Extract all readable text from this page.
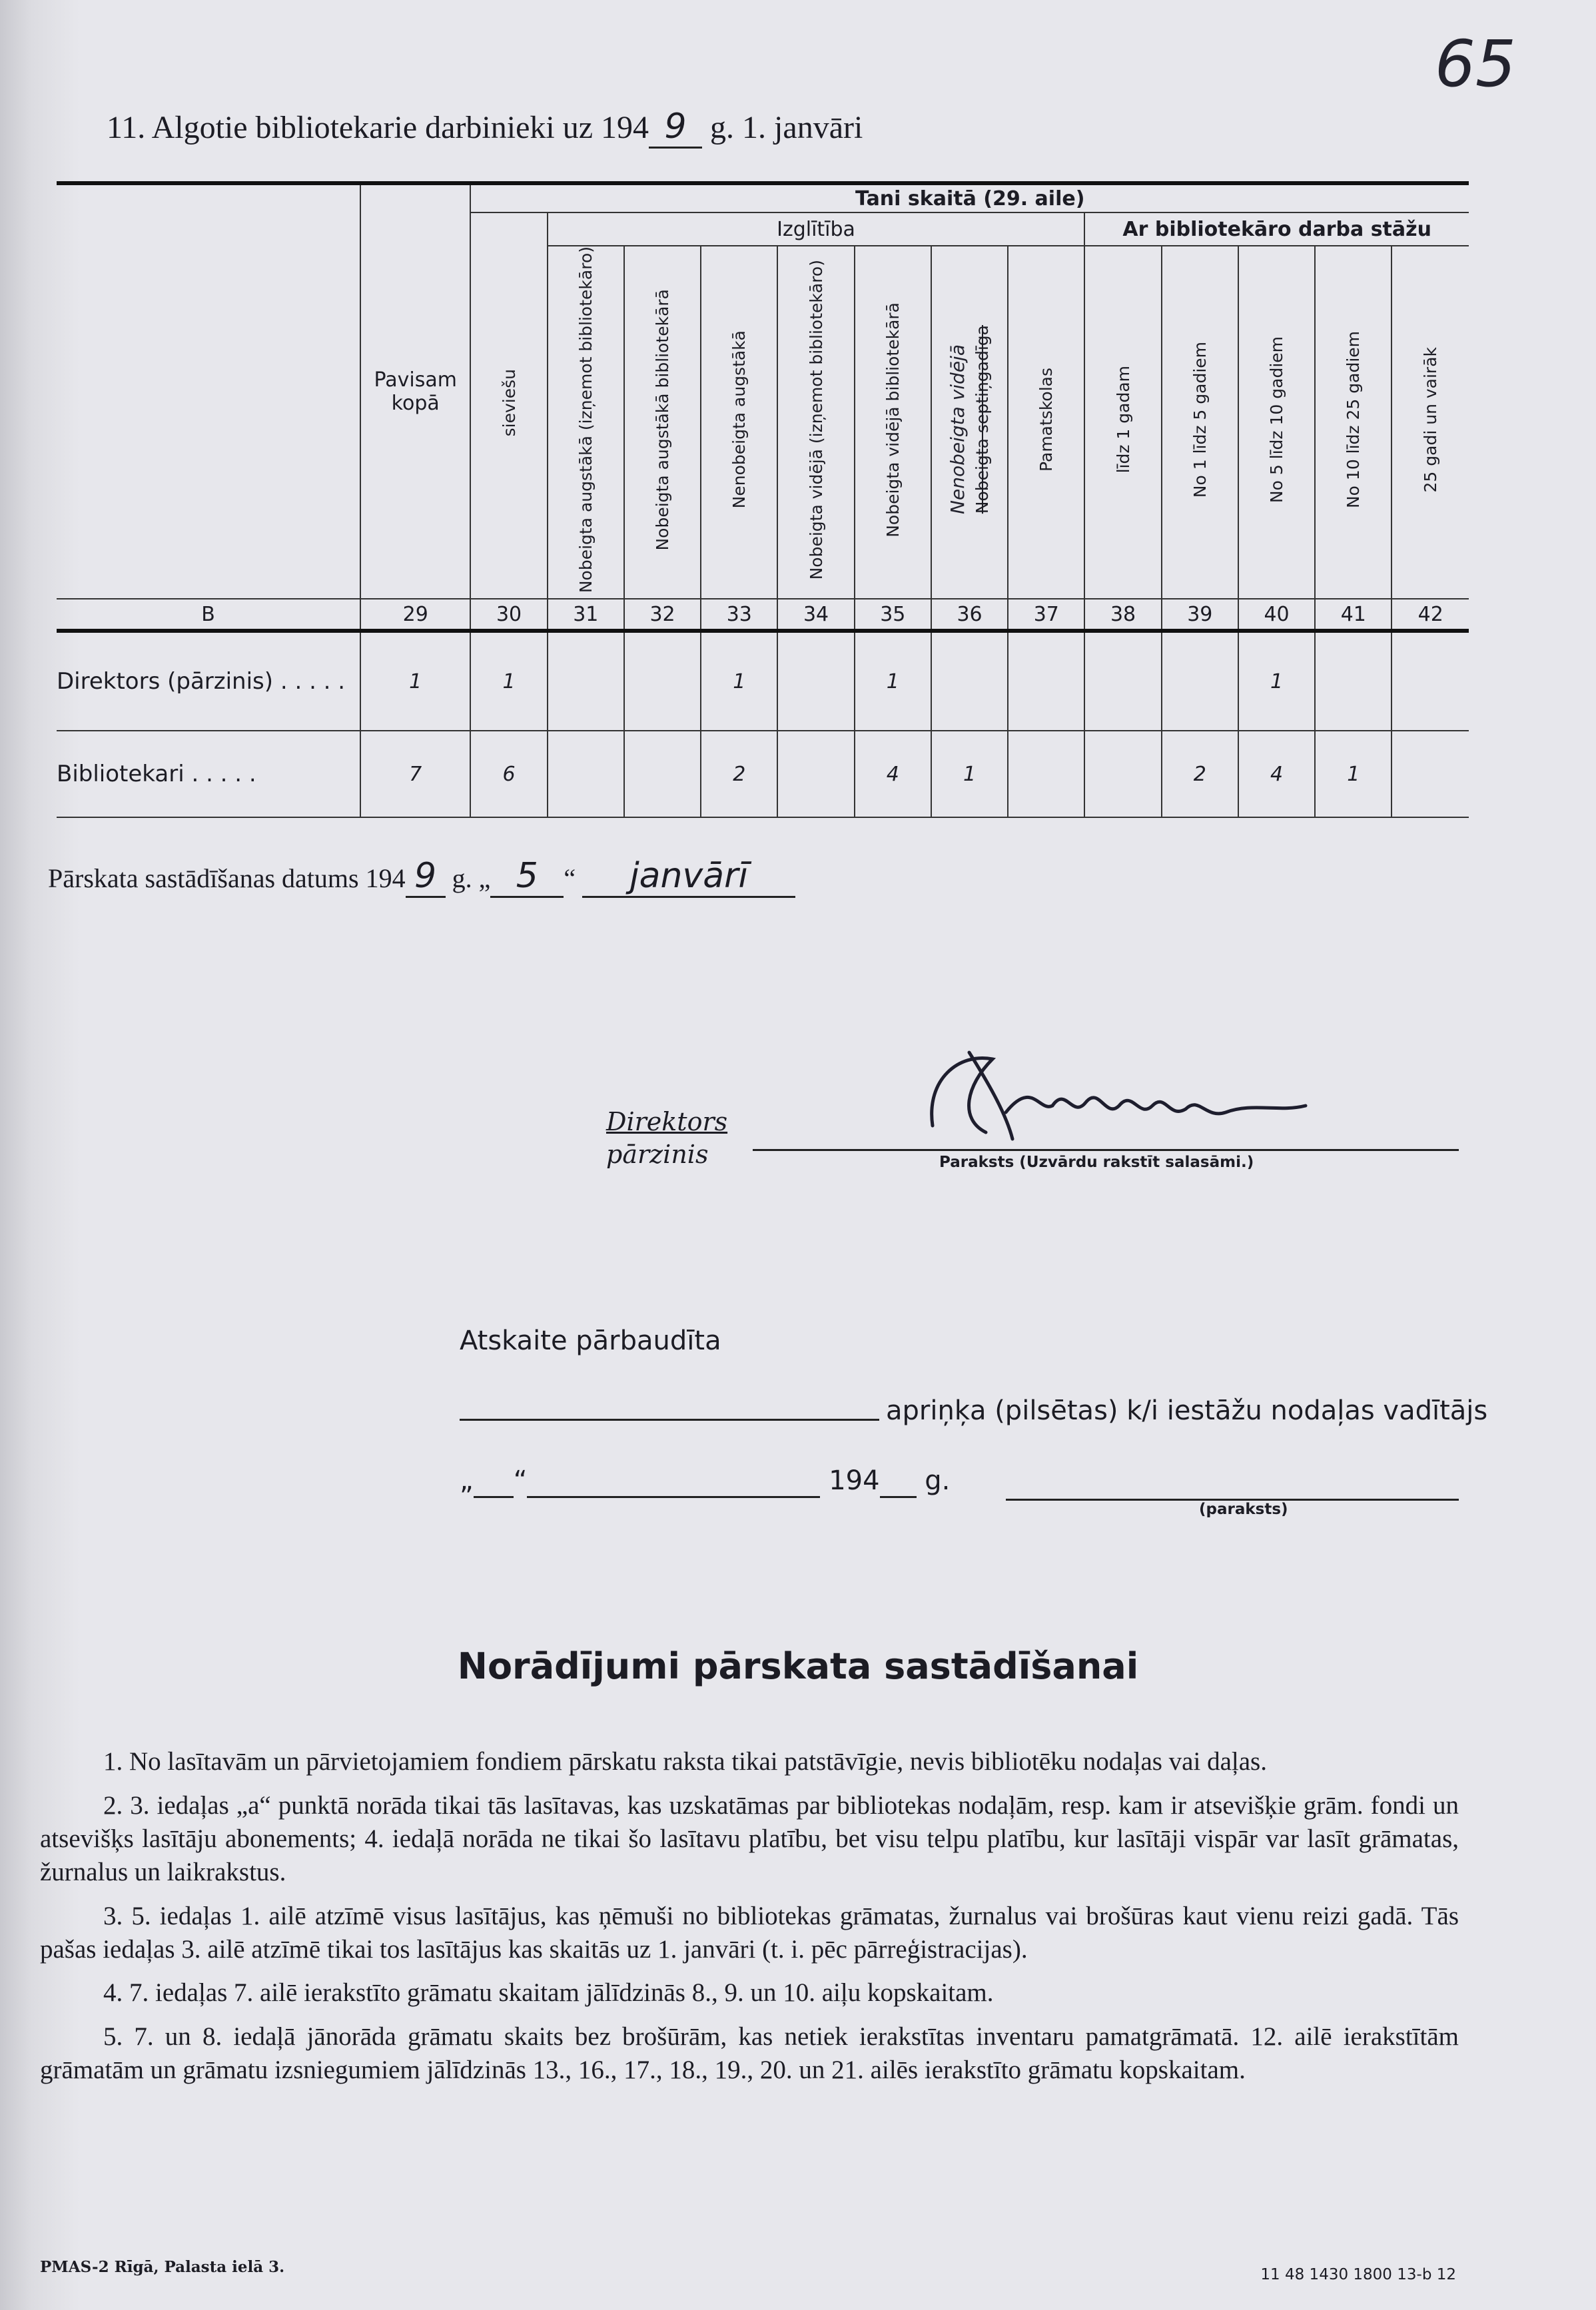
65
11. Algotie bibliotekarie darbinieki uz 194 9 g. 1. janvāri
	Pavisam kopā	Tani skaitā (29. aile)												
		sieviešu	Izglītība							Ar bibliotekāro darba stāžu				
			Nobeigta augstākā (izņemot bibliotekāro)	Nobeigta augstākā bibliotekārā	Nenobeigta augstākā	Nobeigta vidējā (izņemot bibliotekāro)	Nobeigta vidējā bibliotekārā	Nenobeigta vidējā Nobeigta septiņgadīga	Pamatskolas	līdz 1 gadam	No 1 līdz 5 gadiem	No 5 līdz 10 gadiem	No 10 līdz 25 gadiem	25 gadi un vairāk
B	29	30	31	32	33	34	35	36	37	38	39	40	41	42
Direktors (pārzinis) . . . . .	1	1			1		1					1		
Bibliotekari . . . . .	7	6			2		4	1			2	4	1	
Pārskata sastādīšanas datums 194 9 g. „ 5 “ janvārī
Direktors
pārzinis	Paraksts (Uzvārdu rakstīt salasāmi.)
Atskaite pārbaudīta
apriņķa (pilsētas) k/i iestāžu nodaļas vadītājs
„ “	194 g.
(paraksts)
Norādījumi pārskata sastādīšanai

1. No lasītavām un pārvietojamiem fondiem pārskatu raksta tikai patstāvīgie, nevis bibliotēku nodaļas vai daļas.

2. 3. iedaļas „a“ punktā norāda tikai tās lasītavas, kas uzskatāmas par bibliotekas nodaļām, resp. kam ir atsevišķie grām. fondi un atsevišķs lasītāju abonements; 4. iedaļā norāda ne tikai šo lasītavu platību, bet visu telpu platību, kur lasītāji vispār var lasīt grāmatas, žurnalus un laikrakstus.

3. 5. iedaļas 1. ailē atzīmē visus lasītājus, kas ņēmuši no bibliotekas grāmatas, žurnalus vai brošūras kaut vienu reizi gadā. Tās pašas iedaļas 3. ailē atzīmē tikai tos lasītājus kas skaitās uz 1. janvāri (t. i. pēc pārreģistracijas).

4. 7. iedaļas 7. ailē ierakstīto grāmatu skaitam jālīdzinās 8., 9. un 10. aiļu kopskaitam.

5. 7. un 8. iedaļā jānorāda grāmatu skaits bez brošūrām, kas netiek ierakstītas inventaru pamatgrāmatā. 12. ailē ierakstītām grāmatām un grāmatu izsniegumiem jālīdzinās 13., 16., 17., 18., 19., 20. un 21. ailēs ierakstīto grāmatu kopskaitam.

PMAS-2 Rīgā, Palasta ielā 3.	11 48 1430 1800 13-b 12
